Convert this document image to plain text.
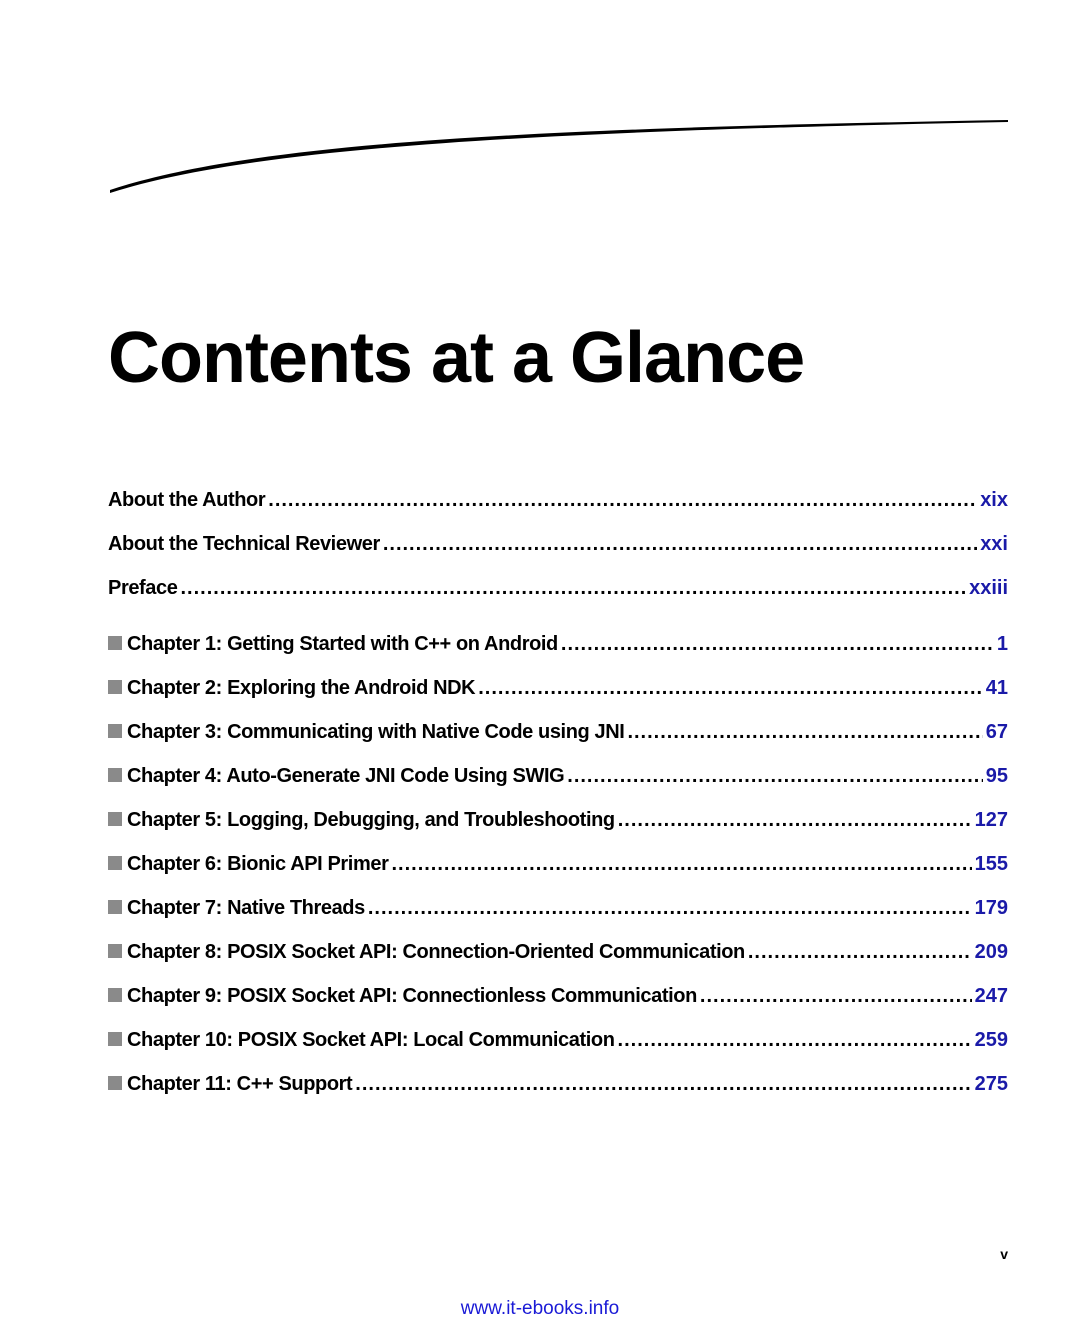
Contents at a Glance
About the Author .....	xix
About the Technical Reviewer .....	xxi
Preface .....	xxiii
Chapter 1: Getting Started with C++ on Android .....	1
Chapter 2: Exploring the Android NDK .....	41
Chapter 3: Communicating with Native Code using JNI .....	67
Chapter 4: Auto-Generate JNI Code Using SWIG .....	95
Chapter 5: Logging, Debugging, and Troubleshooting .....	127
Chapter 6: Bionic API Primer .....	155
Chapter 7: Native Threads .....	179
Chapter 8: POSIX Socket API: Connection-Oriented Communication .....	209
Chapter 9: POSIX Socket API: Connectionless Communication .....	247
Chapter 10: POSIX Socket API: Local Communication .....	259
Chapter 11: C++ Support .....	275
v
www.it-ebooks.info
